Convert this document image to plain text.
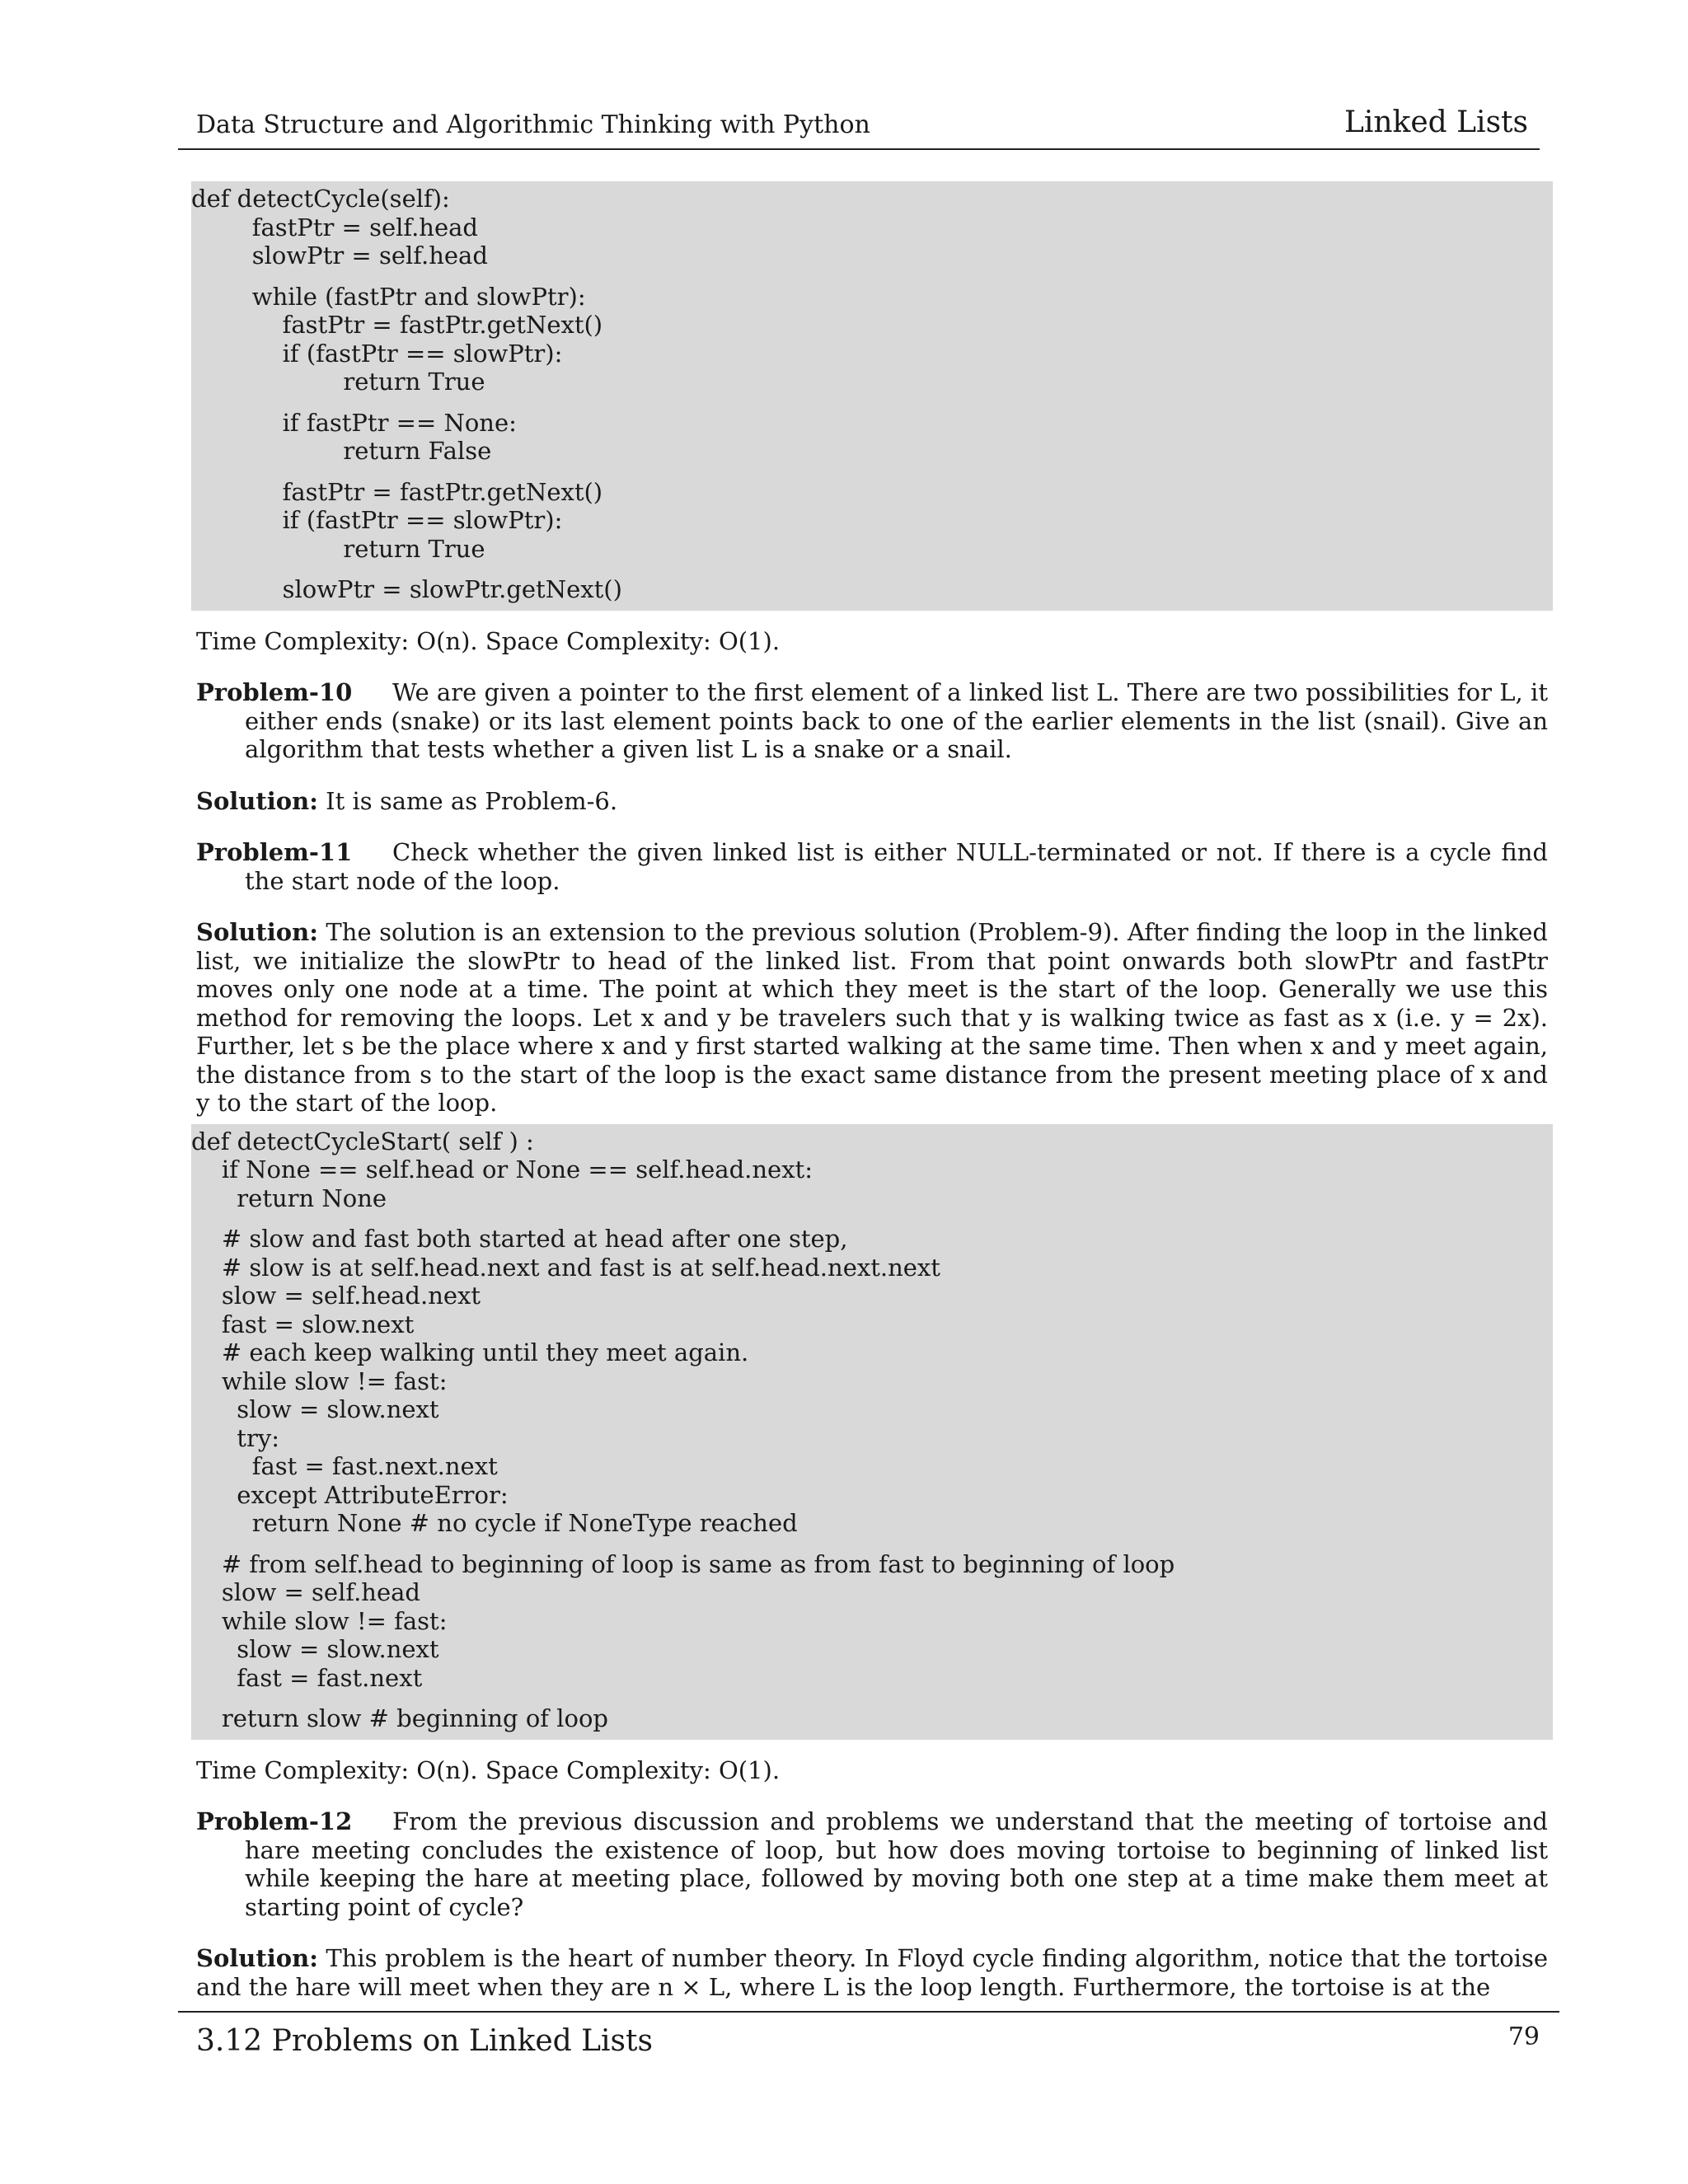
Data Structure and Algorithmic Thinking with Python	Linked Lists
def detectCycle(self):
fastPtr = self.head
slowPtr = self.head
while (fastPtr and slowPtr):
fastPtr = fastPtr.getNext()
if (fastPtr == slowPtr):
return True
if fastPtr == None:
return False
fastPtr = fastPtr.getNext()
if (fastPtr == slowPtr):
return True
slowPtr = slowPtr.getNext()
Time Complexity: O(n). Space Complexity: O(1).
Problem-10 We are given a pointer to the first element of a linked list L. There are two possibilities for L, it either ends (snake) or its last element points back to one of the earlier elements in the list (snail). Give an algorithm that tests whether a given list L is a snake or a snail.
Solution: It is same as Problem-6.
Problem-11 Check whether the given linked list is either NULL-terminated or not. If there is a cycle find the start node of the loop.
Solution: The solution is an extension to the previous solution (Problem-9). After finding the loop in the linked list, we initialize the slowPtr to head of the linked list. From that point onwards both slowPtr and fastPtr moves only one node at a time. The point at which they meet is the start of the loop. Generally we use this method for removing the loops. Let x and y be travelers such that y is walking twice as fast as x (i.e. y = 2x). Further, let s be the place where x and y first started walking at the same time. Then when x and y meet again, the distance from s to the start of the loop is the exact same distance from the present meeting place of x and y to the start of the loop.
def detectCycleStart( self ) :
if None == self.head or None == self.head.next:
return None
# slow and fast both started at head after one step,
# slow is at self.head.next and fast is at self.head.next.next
slow = self.head.next
fast = slow.next
# each keep walking until they meet again.
while slow != fast:
slow = slow.next
try:
fast = fast.next.next
except AttributeError:
return None # no cycle if NoneType reached
# from self.head to beginning of loop is same as from fast to beginning of loop
slow = self.head
while slow != fast:
slow = slow.next
fast = fast.next
return slow # beginning of loop
Time Complexity: O(n). Space Complexity: O(1).
Problem-12 From the previous discussion and problems we understand that the meeting of tortoise and hare meeting concludes the existence of loop, but how does moving tortoise to beginning of linked list while keeping the hare at meeting place, followed by moving both one step at a time make them meet at starting point of cycle?
Solution: This problem is the heart of number theory. In Floyd cycle finding algorithm, notice that the tortoise and the hare will meet when they are n × L, where L is the loop length. Furthermore, the tortoise is at the
3.12 Problems on Linked Lists	79
